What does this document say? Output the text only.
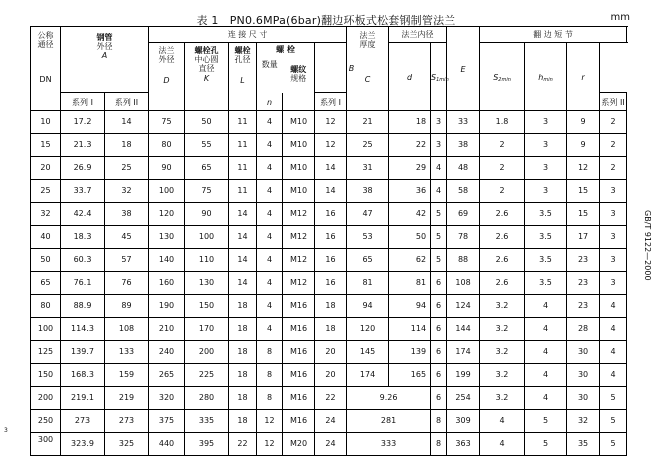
表 1 PN0.6MPa(6bar)翻边环板式松套钢制管法兰	mm
GB/T 9122—2000
3
公称
通径
DN	钢管
外径
A		连 接 尺 寸						法兰
厚度
C	法兰内径		E	翻 边 短 节			

			法兰
外径
D	螺栓孔
中心圆
直径
K	螺栓
孔径
L	螺 栓
数量
螺纹
规格		B		d	$S_{1min}$		$S_{2min}$	$h_{min}$	r	
	系列 I	系列 II				n		系列 I								系列 II
10	17.2	14	75	50	11	4	M10	12	21	18	3	33	1.8	3	9	2
15	21.3	18	80	55	11	4	M10	12	25	22	3	38	2	3	9	2
20	26.9	25	90	65	11	4	M10	14	31	29	4	48	2	3	12	2
25	33.7	32	100	75	11	4	M10	14	38	36	4	58	2	3	15	3
32	42.4	38	120	90	14	4	M12	16	47	42	5	69	2.6	3.5	15	3
40	18.3	45	130	100	14	4	M12	16	53	50	5	78	2.6	3.5	17	3
50	60.3	57	140	110	14	4	M12	16	65	62	5	88	2.6	3.5	23	3
65	76.1	76	160	130	14	4	M12	16	81	81	6	108	2.6	3.5	23	3
80	88.9	89	190	150	18	4	M16	18	94	94	6	124	3.2	4	23	4
100	114.3	108	210	170	18	4	M16	18	120	114	6	144	3.2	4	28	4
125	139.7	133	240	200	18	8	M16	20	145	139	6	174	3.2	4	30	4
150	168.3	159	265	225	18	8	M16	20	174	165	6	199	3.2	4	30	4
200	219.1	219	320	280	18	8	M16	22	9.26		6	254	3.2	4	30	5
250	273	273	375	335	18	12	M16	24	281		8	309	4	5	32	5
300	323.9	325	440	395	22	12	M20	24	333		8	363	4	5	35	5
